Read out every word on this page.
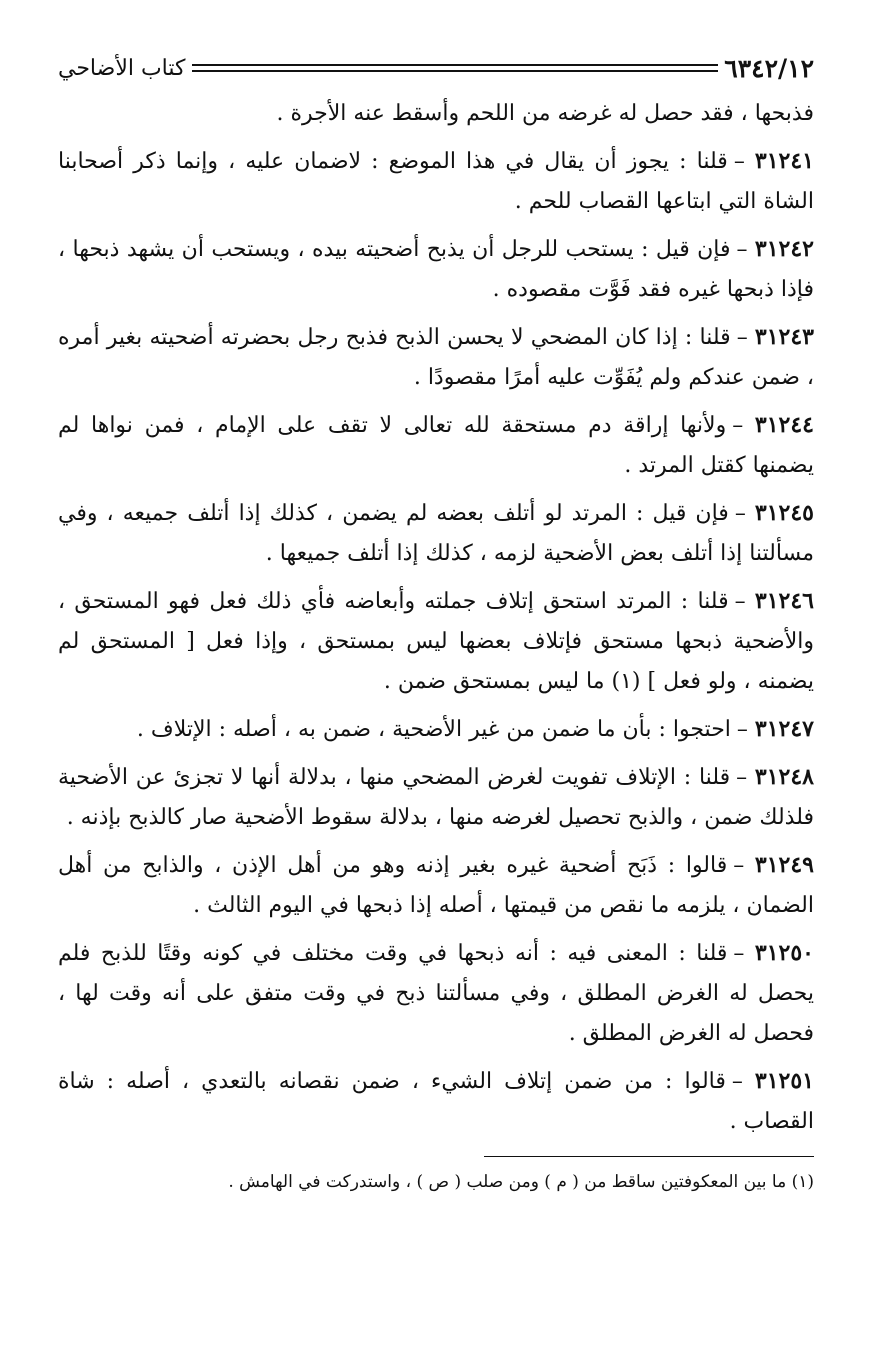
٦٣٤٢/١٢
كتاب الأضاحي

فذبحها ، فقد حصل له غرضه من اللحم وأسقط عنه الأجرة .

٣١٢٤١ –قلنا : يجوز أن يقال في هذا الموضع : لاضمان عليه ، وإنما ذكر أصحابنا الشاة التي ابتاعها القصاب للحم .

٣١٢٤٢ –فإن قيل : يستحب للرجل أن يذبح أضحيته بيده ، ويستحب أن يشهد ذبحها ، فإذا ذبحها غيره فقد فَوَّت مقصوده .

٣١٢٤٣ –قلنا : إذا كان المضحي لا يحسن الذبح فذبح رجل بحضرته أضحيته بغير أمره ، ضمن عندكم ولم يُفَوِّت عليه أمرًا مقصودًا .

٣١٢٤٤ –ولأنها إراقة دم مستحقة لله تعالى لا تقف على الإمام ، فمن نواها لم يضمنها كقتل المرتد .

٣١٢٤٥ –فإن قيل : المرتد لو أتلف بعضه لم يضمن ، كذلك إذا أتلف جميعه ، وفي مسألتنا إذا أتلف بعض الأضحية لزمه ، كذلك إذا أتلف جميعها .

٣١٢٤٦ –قلنا : المرتد استحق إتلاف جملته وأبعاضه فأي ذلك فعل فهو المستحق ، والأضحية ذبحها مستحق فإتلاف بعضها ليس بمستحق ، وإذا فعل [ المستحق لم يضمنه ، ولو فعل ] (١) ما ليس بمستحق ضمن .

٣١٢٤٧ –احتجوا : بأن ما ضمن من غير الأضحية ، ضمن به ، أصله : الإتلاف .

٣١٢٤٨ –قلنا : الإتلاف تفويت لغرض المضحي منها ، بدلالة أنها لا تجزئ عن الأضحية فلذلك ضمن ، والذبح تحصيل لغرضه منها ، بدلالة سقوط الأضحية صار كالذبح بإذنه .

٣١٢٤٩ –قالوا : ذَبَح أضحية غيره بغير إذنه وهو من أهل الإذن ، والذابح من أهل الضمان ، يلزمه ما نقص من قيمتها ، أصله إذا ذبحها في اليوم الثالث .

٣١٢٥٠ –قلنا : المعنى فيه : أنه ذبحها في وقت مختلف في كونه وقتًا للذبح فلم يحصل له الغرض المطلق ، وفي مسألتنا ذبح في وقت متفق على أنه وقت لها ، فحصل له الغرض المطلق .

٣١٢٥١ –قالوا : من ضمن إتلاف الشيء ، ضمن نقصانه بالتعدي ، أصله : شاة القصاب .

(١) ما بين المعكوفتين ساقط من ( م ) ومن صلب ( ص ) ، واستدركت في الهامش .
